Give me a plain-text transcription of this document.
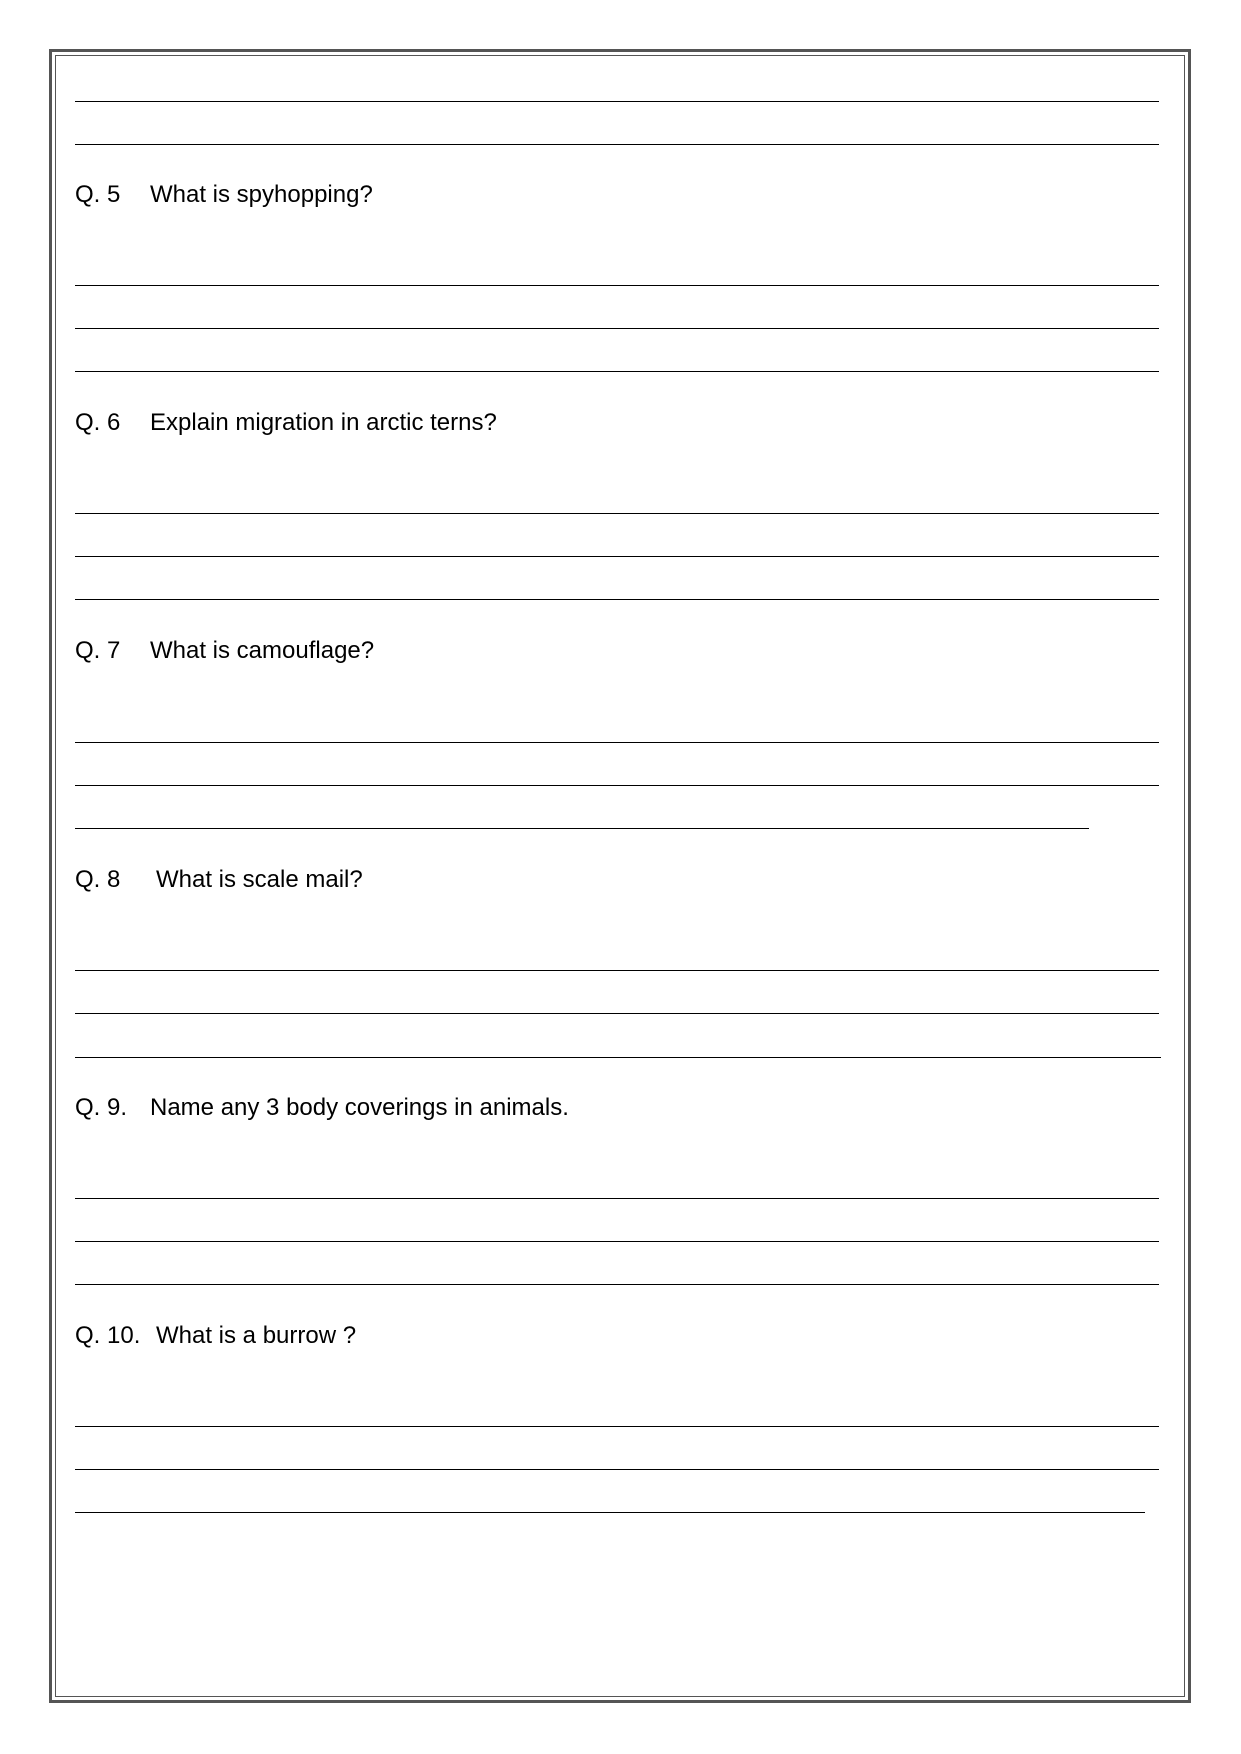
Q. 5 What is spyhopping?
Q. 6 Explain migration in arctic terns?
Q. 7 What is camouflage?
Q. 8 What is scale mail?
Q. 9. Name any 3 body coverings in animals.
Q. 10. What is a burrow ?
